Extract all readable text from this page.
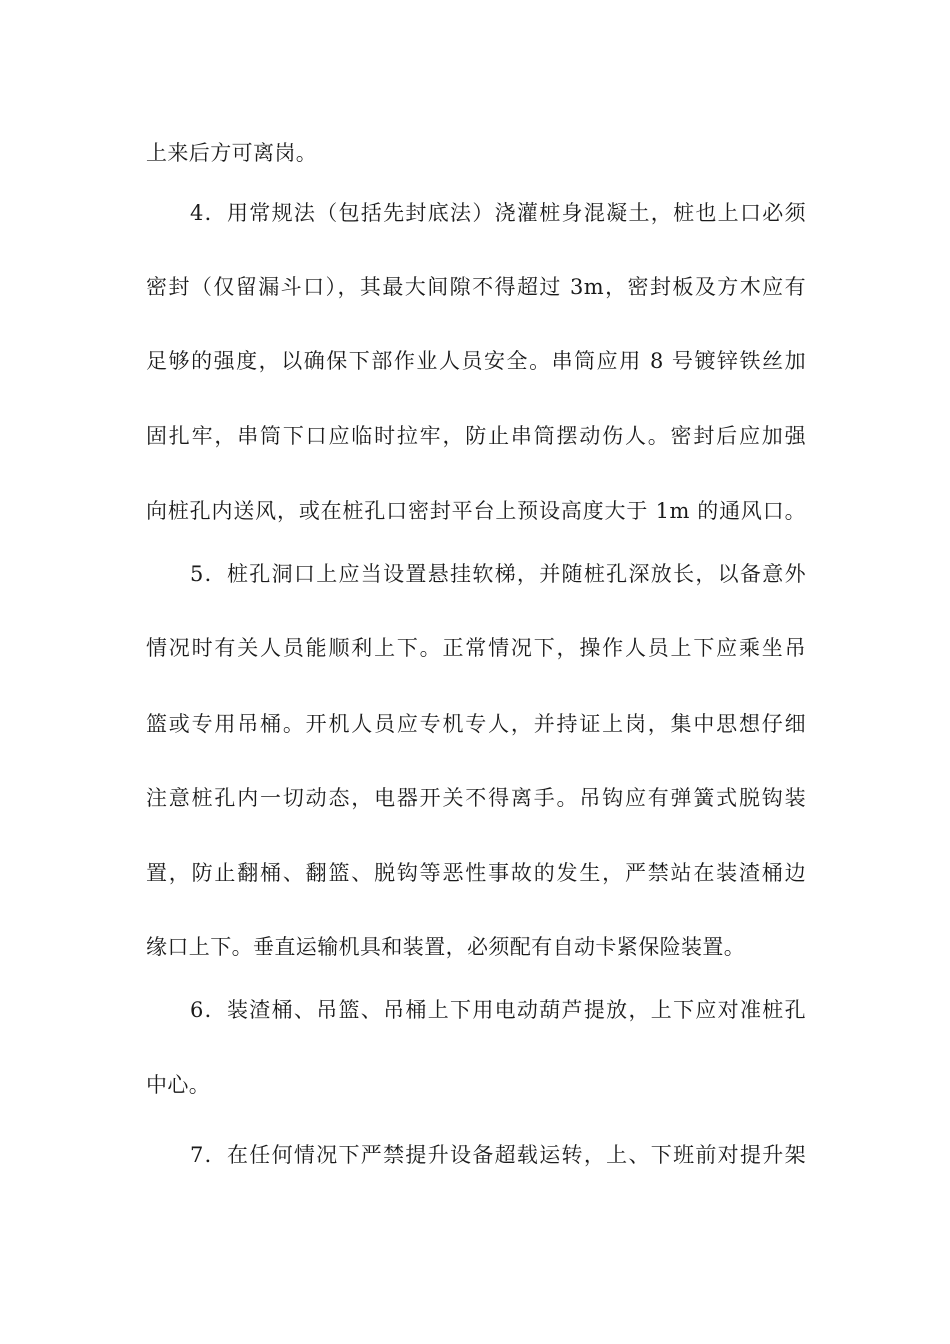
上来后方可离岗。
4．用常规法（包括先封底法）浇灌桩身混凝土，桩也上口必须
密封（仅留漏斗口），其最大间隙不得超过 3m，密封板及方木应有
足够的强度，以确保下部作业人员安全。串筒应用 8 号镀锌铁丝加
固扎牢，串筒下口应临时拉牢，防止串筒摆动伤人。密封后应加强
向桩孔内送风，或在桩孔口密封平台上预设高度大于 1m 的通风口。
5．桩孔洞口上应当设置悬挂软梯，并随桩孔深放长，以备意外
情况时有关人员能顺利上下。正常情况下，操作人员上下应乘坐吊
篮或专用吊桶。开机人员应专机专人，并持证上岗，集中思想仔细
注意桩孔内一切动态，电器开关不得离手。吊钩应有弹簧式脱钩装
置，防止翻桶、翻篮、脱钩等恶性事故的发生，严禁站在装渣桶边
缘口上下。垂直运输机具和装置，必须配有自动卡紧保险装置。
6．装渣桶、吊篮、吊桶上下用电动葫芦提放，上下应对准桩孔
中心。
7．在任何情况下严禁提升设备超载运转，上、下班前对提升架
